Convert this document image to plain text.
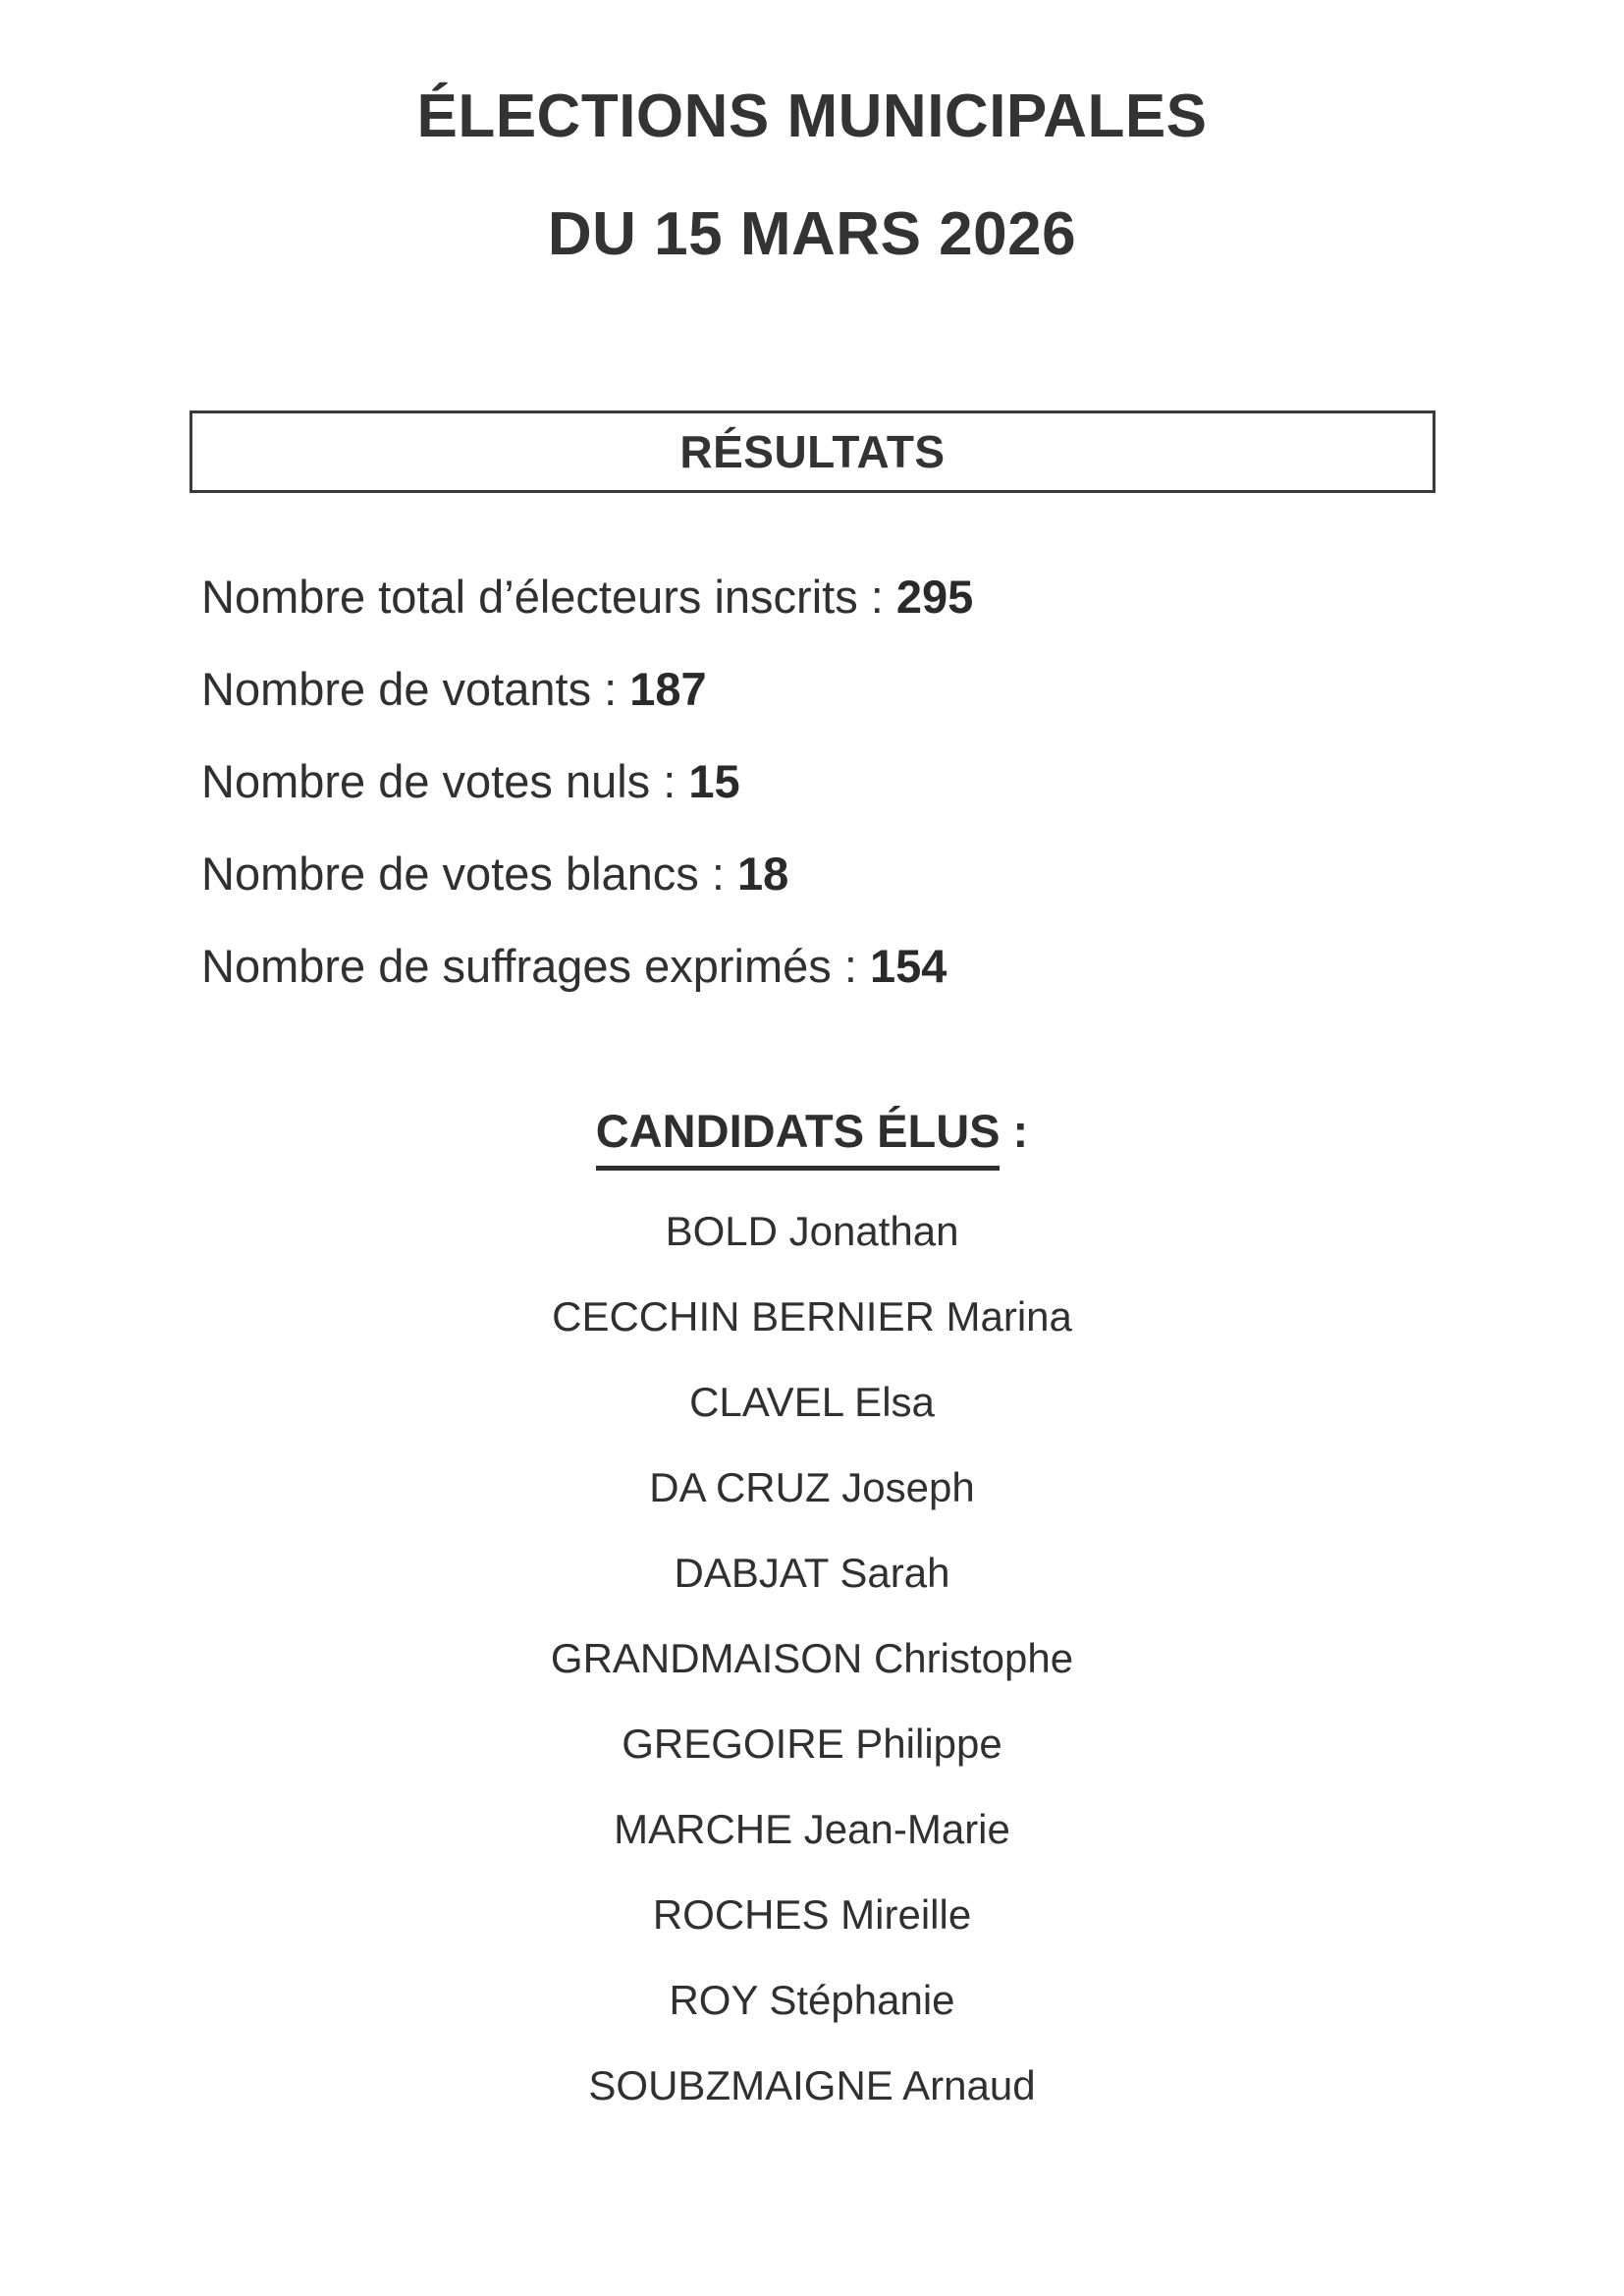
ÉLECTIONS MUNICIPALES
DU 15 MARS 2026
RÉSULTATS
Nombre total d’électeurs inscrits : 295
Nombre de votants : 187
Nombre de votes nuls : 15
Nombre de votes blancs : 18
Nombre de suffrages exprimés : 154
CANDIDATS ÉLUS :
BOLD Jonathan
CECCHIN BERNIER Marina
CLAVEL Elsa
DA CRUZ Joseph
DABJAT Sarah
GRANDMAISON Christophe
GREGOIRE Philippe
MARCHE Jean-Marie
ROCHES Mireille
ROY Stéphanie
SOUBZMAIGNE Arnaud
